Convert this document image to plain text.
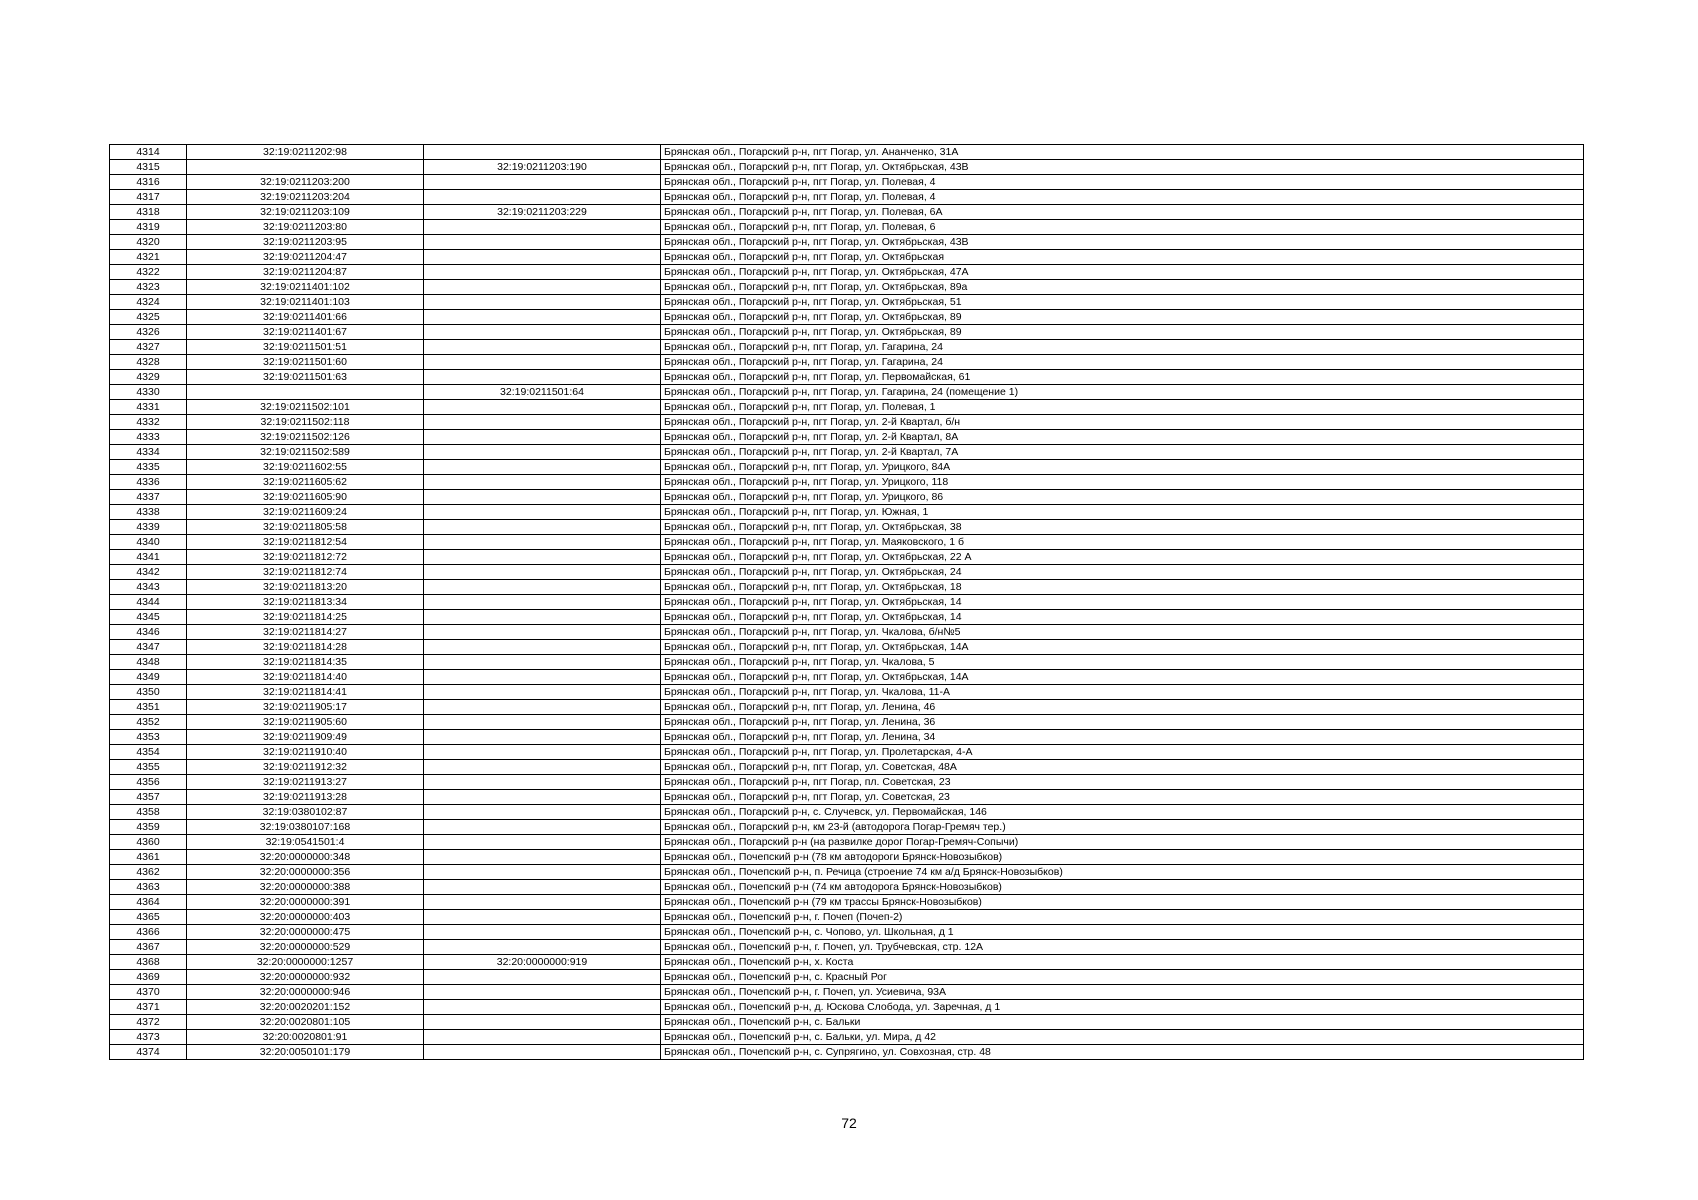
4314	32:19:0211202:98		Брянская обл., Погарский р-н, пгт Погар, ул. Ананченко, 31А
4315		32:19:0211203:190	Брянская обл., Погарский р-н, пгт Погар, ул. Октябрьская, 43В
4316	32:19:0211203:200		Брянская обл., Погарский р-н, пгт Погар, ул. Полевая, 4
4317	32:19:0211203:204		Брянская обл., Погарский р-н, пгт Погар, ул. Полевая, 4
4318	32:19:0211203:109	32:19:0211203:229	Брянская обл., Погарский р-н, пгт Погар, ул. Полевая, 6А
4319	32:19:0211203:80		Брянская обл., Погарский р-н, пгт Погар, ул. Полевая, 6
4320	32:19:0211203:95		Брянская обл., Погарский р-н, пгт Погар, ул. Октябрьская, 43В
4321	32:19:0211204:47		Брянская обл., Погарский р-н, пгт Погар, ул. Октябрьская
4322	32:19:0211204:87		Брянская обл., Погарский р-н, пгт Погар, ул. Октябрьская, 47А
4323	32:19:0211401:102		Брянская обл., Погарский р-н, пгт Погар, ул. Октябрьская, 89а
4324	32:19:0211401:103		Брянская обл., Погарский р-н, пгт Погар, ул. Октябрьская, 51
4325	32:19:0211401:66		Брянская обл., Погарский р-н, пгт Погар, ул. Октябрьская, 89
4326	32:19:0211401:67		Брянская обл., Погарский р-н, пгт Погар, ул. Октябрьская, 89
4327	32:19:0211501:51		Брянская обл., Погарский р-н, пгт Погар, ул. Гагарина, 24
4328	32:19:0211501:60		Брянская обл., Погарский р-н, пгт Погар, ул. Гагарина, 24
4329	32:19:0211501:63		Брянская обл., Погарский р-н, пгт Погар, ул. Первомайская, 61
4330		32:19:0211501:64	Брянская обл., Погарский р-н, пгт Погар, ул. Гагарина, 24 (помещение 1)
4331	32:19:0211502:101		Брянская обл., Погарский р-н, пгт Погар, ул. Полевая, 1
4332	32:19:0211502:118		Брянская обл., Погарский р-н, пгт Погар, ул. 2-й Квартал, б/н
4333	32:19:0211502:126		Брянская обл., Погарский р-н, пгт Погар, ул. 2-й Квартал, 8А
4334	32:19:0211502:589		Брянская обл., Погарский р-н, пгт Погар, ул. 2-й Квартал, 7А
4335	32:19:0211602:55		Брянская обл., Погарский р-н, пгт Погар, ул. Урицкого, 84А
4336	32:19:0211605:62		Брянская обл., Погарский р-н, пгт Погар, ул. Урицкого, 118
4337	32:19:0211605:90		Брянская обл., Погарский р-н, пгт Погар, ул. Урицкого, 86
4338	32:19:0211609:24		Брянская обл., Погарский р-н, пгт Погар, ул. Южная, 1
4339	32:19:0211805:58		Брянская обл., Погарский р-н, пгт Погар, ул. Октябрьская, 38
4340	32:19:0211812:54		Брянская обл., Погарский р-н, пгт Погар, ул. Маяковского, 1 б
4341	32:19:0211812:72		Брянская обл., Погарский р-н, пгт Погар, ул. Октябрьская, 22 А
4342	32:19:0211812:74		Брянская обл., Погарский р-н, пгт Погар, ул. Октябрьская, 24
4343	32:19:0211813:20		Брянская обл., Погарский р-н, пгт Погар, ул. Октябрьская, 18
4344	32:19:0211813:34		Брянская обл., Погарский р-н, пгт Погар, ул. Октябрьская, 14
4345	32:19:0211814:25		Брянская обл., Погарский р-н, пгт Погар, ул. Октябрьская, 14
4346	32:19:0211814:27		Брянская обл., Погарский р-н, пгт Погар, ул. Чкалова, б/н№5
4347	32:19:0211814:28		Брянская обл., Погарский р-н, пгт Погар, ул. Октябрьская, 14А
4348	32:19:0211814:35		Брянская обл., Погарский р-н, пгт Погар, ул. Чкалова, 5
4349	32:19:0211814:40		Брянская обл., Погарский р-н, пгт Погар, ул. Октябрьская, 14А
4350	32:19:0211814:41		Брянская обл., Погарский р-н, пгт Погар, ул. Чкалова, 11-А
4351	32:19:0211905:17		Брянская обл., Погарский р-н, пгт Погар, ул. Ленина, 46
4352	32:19:0211905:60		Брянская обл., Погарский р-н, пгт Погар, ул. Ленина, 36
4353	32:19:0211909:49		Брянская обл., Погарский р-н, пгт Погар, ул. Ленина, 34
4354	32:19:0211910:40		Брянская обл., Погарский р-н, пгт Погар, ул. Пролетарская, 4-А
4355	32:19:0211912:32		Брянская обл., Погарский р-н, пгт Погар, ул. Советская, 48А
4356	32:19:0211913:27		Брянская обл., Погарский р-н, пгт Погар, пл. Советская, 23
4357	32:19:0211913:28		Брянская обл., Погарский р-н, пгт Погар, ул. Советская, 23
4358	32:19:0380102:87		Брянская обл., Погарский р-н, с. Случевск, ул. Первомайская, 146
4359	32:19:0380107:168		Брянская обл., Погарский р-н, км 23-й (автодорога Погар-Гремяч тер.)
4360	32:19:0541501:4		Брянская обл., Погарский р-н (на развилке дорог Погар-Гремяч-Сопычи)
4361	32:20:0000000:348		Брянская обл., Почепский р-н (78 км автодороги Брянск-Новозыбков)
4362	32:20:0000000:356		Брянская обл., Почепский р-н, п. Речица (строение 74 км а/д Брянск-Новозыбков)
4363	32:20:0000000:388		Брянская обл., Почепский р-н (74 км автодорога Брянск-Новозыбков)
4364	32:20:0000000:391		Брянская обл., Почепский р-н (79 км трассы Брянск-Новозыбков)
4365	32:20:0000000:403		Брянская обл., Почепский р-н, г. Почеп (Почеп-2)
4366	32:20:0000000:475		Брянская обл., Почепский р-н, с. Чопово, ул. Школьная, д 1
4367	32:20:0000000:529		Брянская обл., Почепский р-н, г. Почеп, ул. Трубчевская, стр. 12А
4368	32:20:0000000:1257	32:20:0000000:919	Брянская обл., Почепский р-н, х. Коста
4369	32:20:0000000:932		Брянская обл., Почепский р-н, с. Красный Рог
4370	32:20:0000000:946		Брянская обл., Почепский р-н, г. Почеп, ул. Усиевича, 93А
4371	32:20:0020201:152		Брянская обл., Почепский р-н, д. Юскова Слобода, ул. Заречная, д 1
4372	32:20:0020801:105		Брянская обл., Почепский р-н, с. Бальки
4373	32:20:0020801:91		Брянская обл., Почепский р-н, с. Бальки, ул. Мира, д 42
4374	32:20:0050101:179		Брянская обл., Почепский р-н, с. Супрягино, ул. Совхозная, стр. 48
72
